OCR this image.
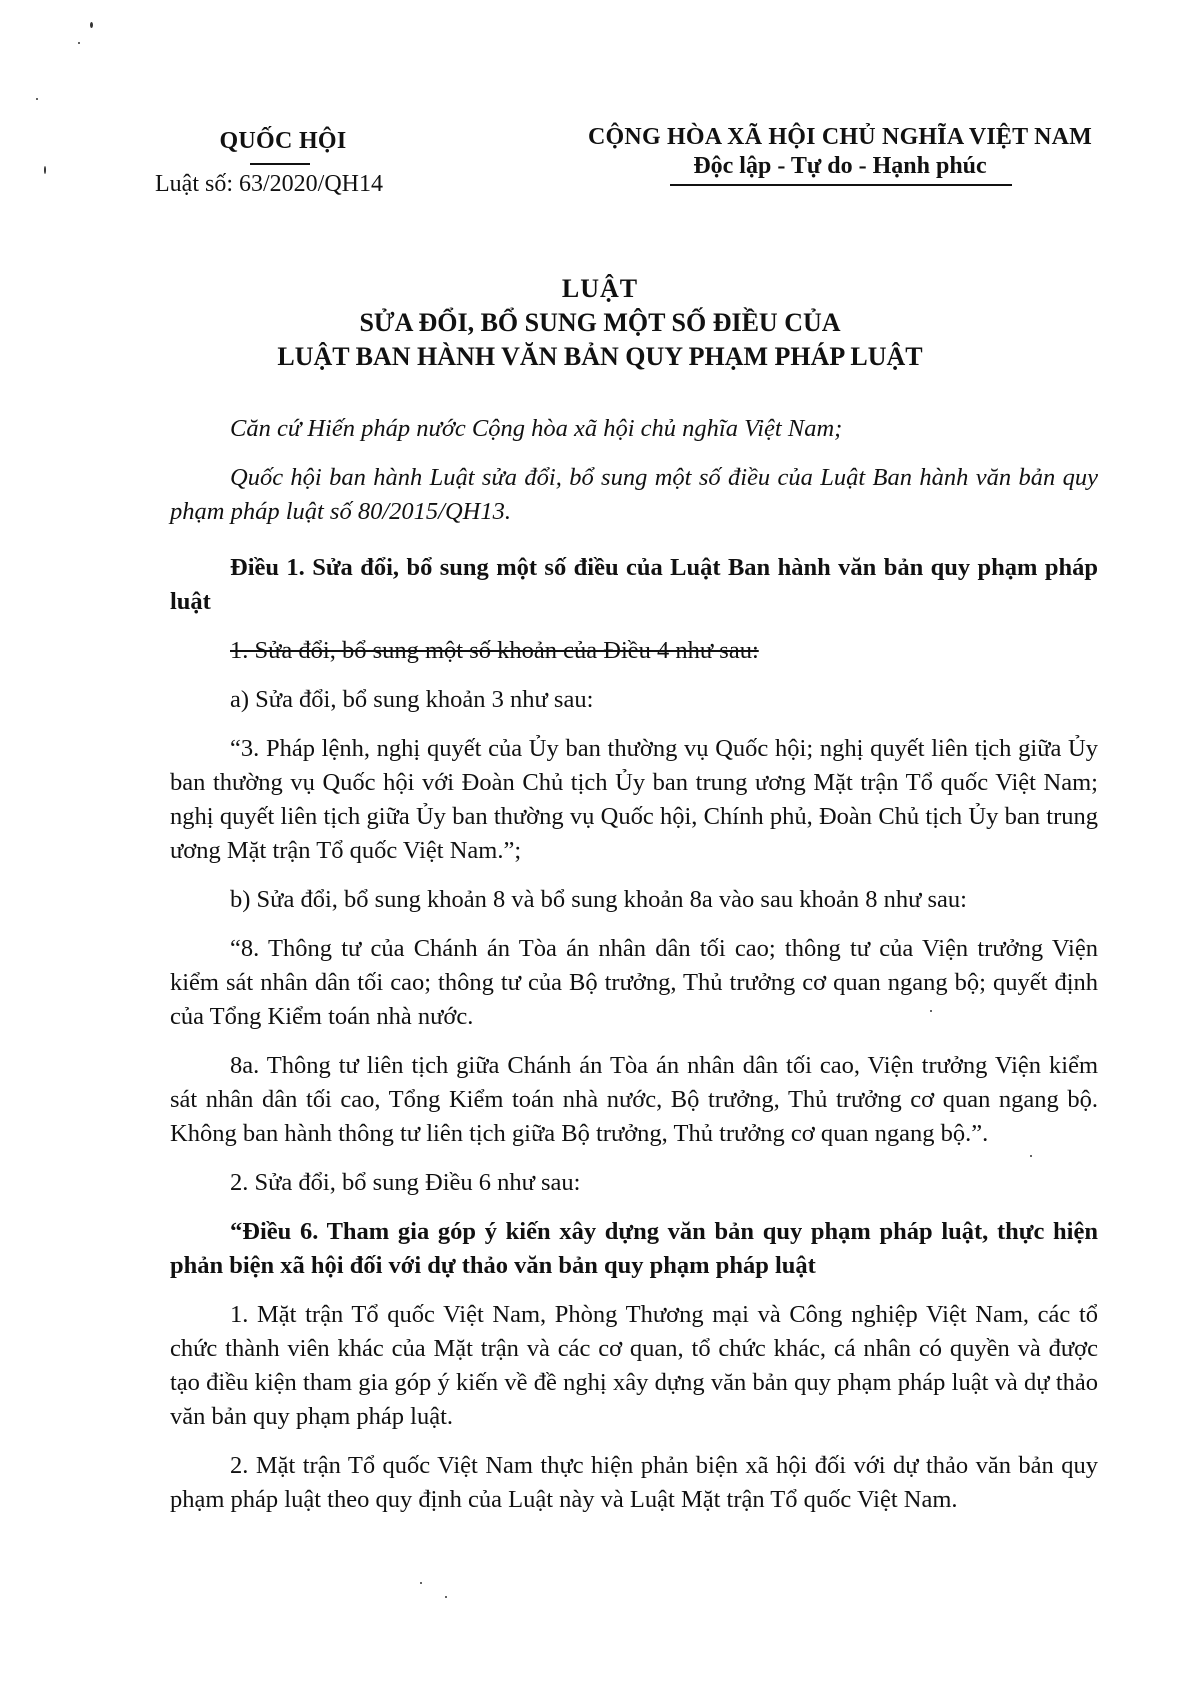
QUỐC HỘI
Luật số: 63/2020/QH14
CỘNG HÒA XÃ HỘI CHỦ NGHĨA VIỆT NAM
Độc lập - Tự do - Hạnh phúc
LUẬT
SỬA ĐỔI, BỔ SUNG MỘT SỐ ĐIỀU CỦA
LUẬT BAN HÀNH VĂN BẢN QUY PHẠM PHÁP LUẬT

Căn cứ Hiến pháp nước Cộng hòa xã hội chủ nghĩa Việt Nam;

Quốc hội ban hành Luật sửa đổi, bổ sung một số điều của Luật Ban hành văn bản quy phạm pháp luật số 80/2015/QH13.

Điều 1. Sửa đổi, bổ sung một số điều của Luật Ban hành văn bản quy phạm pháp luật

1. Sửa đổi, bổ sung một số khoản của Điều 4 như sau:

a) Sửa đổi, bổ sung khoản 3 như sau:

“3. Pháp lệnh, nghị quyết của Ủy ban thường vụ Quốc hội; nghị quyết liên tịch giữa Ủy ban thường vụ Quốc hội với Đoàn Chủ tịch Ủy ban trung ương Mặt trận Tổ quốc Việt Nam; nghị quyết liên tịch giữa Ủy ban thường vụ Quốc hội, Chính phủ, Đoàn Chủ tịch Ủy ban trung ương Mặt trận Tổ quốc Việt Nam.”;

b) Sửa đổi, bổ sung khoản 8 và bổ sung khoản 8a vào sau khoản 8 như sau:

“8. Thông tư của Chánh án Tòa án nhân dân tối cao; thông tư của Viện trưởng Viện kiểm sát nhân dân tối cao; thông tư của Bộ trưởng, Thủ trưởng cơ quan ngang bộ; quyết định của Tổng Kiểm toán nhà nước.

8a. Thông tư liên tịch giữa Chánh án Tòa án nhân dân tối cao, Viện trưởng Viện kiểm sát nhân dân tối cao, Tổng Kiểm toán nhà nước, Bộ trưởng, Thủ trưởng cơ quan ngang bộ. Không ban hành thông tư liên tịch giữa Bộ trưởng, Thủ trưởng cơ quan ngang bộ.”.

2. Sửa đổi, bổ sung Điều 6 như sau:

“Điều 6. Tham gia góp ý kiến xây dựng văn bản quy phạm pháp luật, thực hiện phản biện xã hội đối với dự thảo văn bản quy phạm pháp luật

1. Mặt trận Tổ quốc Việt Nam, Phòng Thương mại và Công nghiệp Việt Nam, các tổ chức thành viên khác của Mặt trận và các cơ quan, tổ chức khác, cá nhân có quyền và được tạo điều kiện tham gia góp ý kiến về đề nghị xây dựng văn bản quy phạm pháp luật và dự thảo văn bản quy phạm pháp luật.

2. Mặt trận Tổ quốc Việt Nam thực hiện phản biện xã hội đối với dự thảo văn bản quy phạm pháp luật theo quy định của Luật này và Luật Mặt trận Tổ quốc Việt Nam.
